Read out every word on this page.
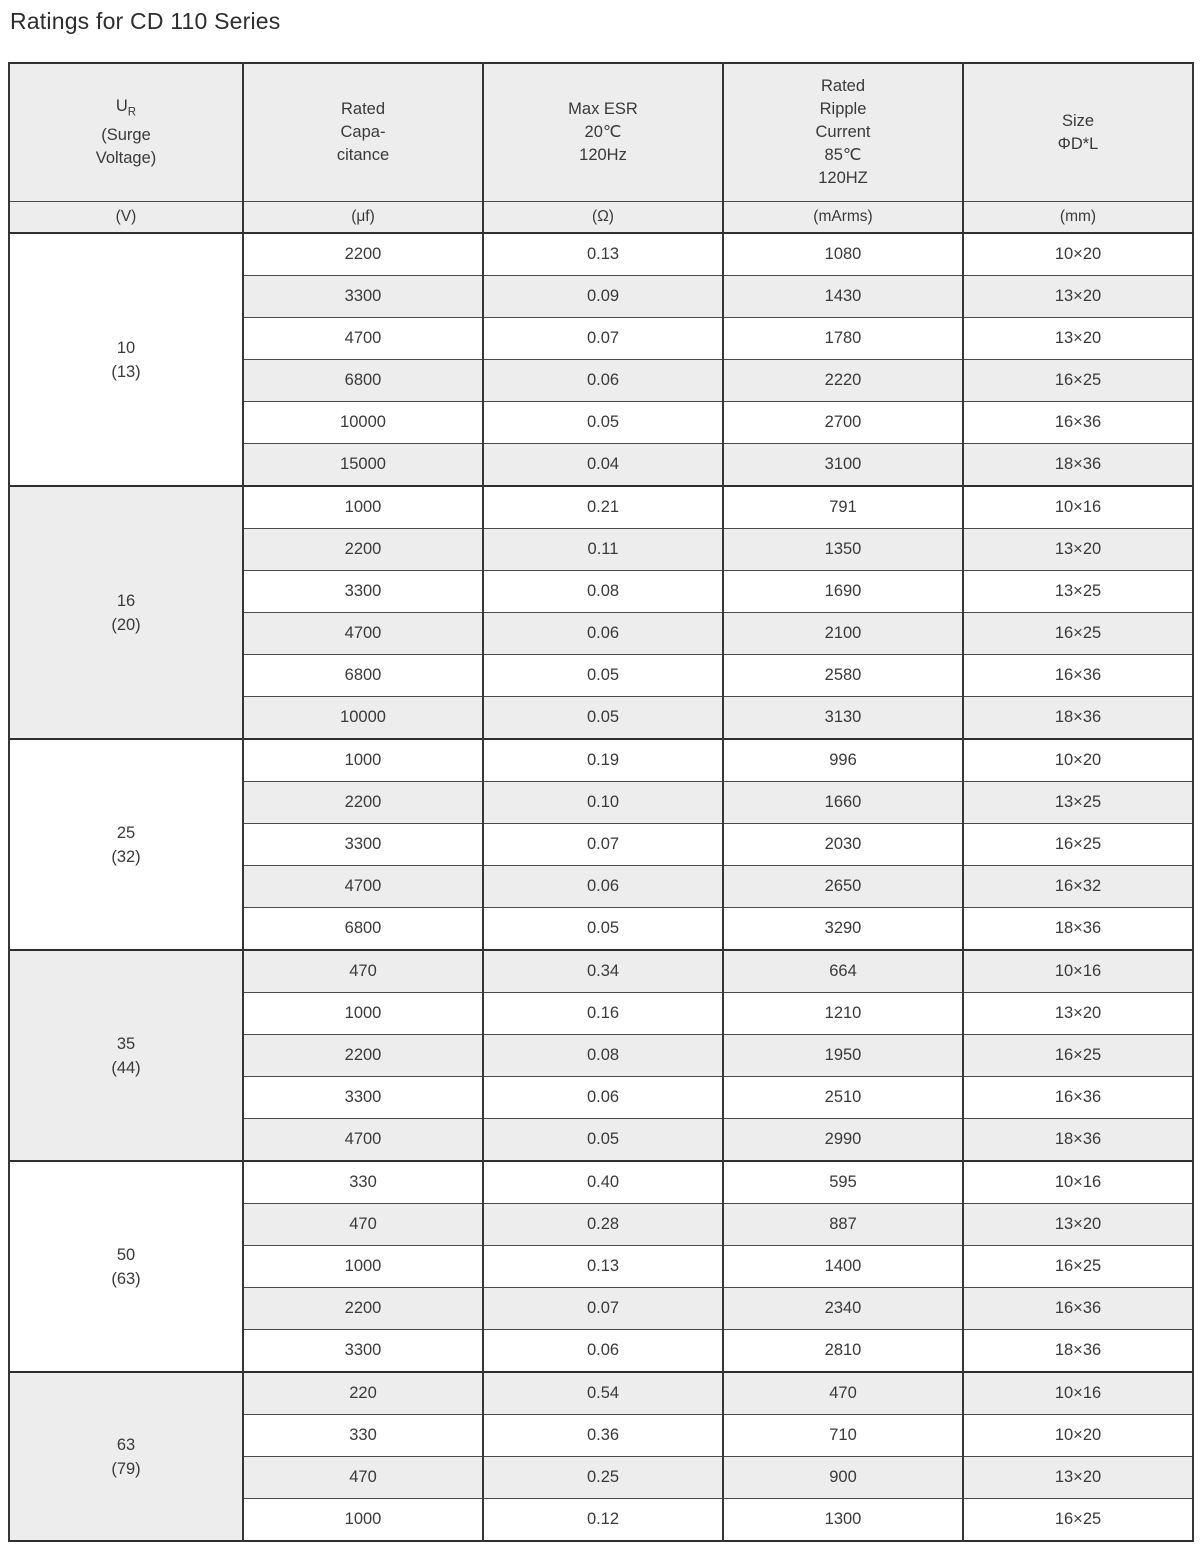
Ratings for CD 110 Series
$U_R$
(Surge
Voltage)

Rated
Capa-
citance

Max ESR
20℃
120Hz

Rated
Ripple
Current
85℃
120HZ

Size
ΦD*L

(V)	(μf)	(Ω)	(mArms)	(mm)

10
(13)	2200	0.13	1080	10×20
	3300	0.09	1430	13×20
	4700	0.07	1780	13×20
	6800	0.06	2220	16×25
	10000	0.05	2700	16×36
	15000	0.04	3100	18×36

16
(20)	1000	0.21	791	10×16
	2200	0.11	1350	13×20
	3300	0.08	1690	13×25
	4700	0.06	2100	16×25
	6800	0.05	2580	16×36
	10000	0.05	3130	18×36

25
(32)	1000	0.19	996	10×20
	2200	0.10	1660	13×25
	3300	0.07	2030	16×25
	4700	0.06	2650	16×32
	6800	0.05	3290	18×36

35
(44)	470	0.34	664	10×16
	1000	0.16	1210	13×20
	2200	0.08	1950	16×25
	3300	0.06	2510	16×36
	4700	0.05	2990	18×36

50
(63)	330	0.40	595	10×16
	470	0.28	887	13×20
	1000	0.13	1400	16×25
	2200	0.07	2340	16×36
	3300	0.06	2810	18×36

63
(79)	220	0.54	470	10×16
	330	0.36	710	10×20
	470	0.25	900	13×20
	1000	0.12	1300	16×25
